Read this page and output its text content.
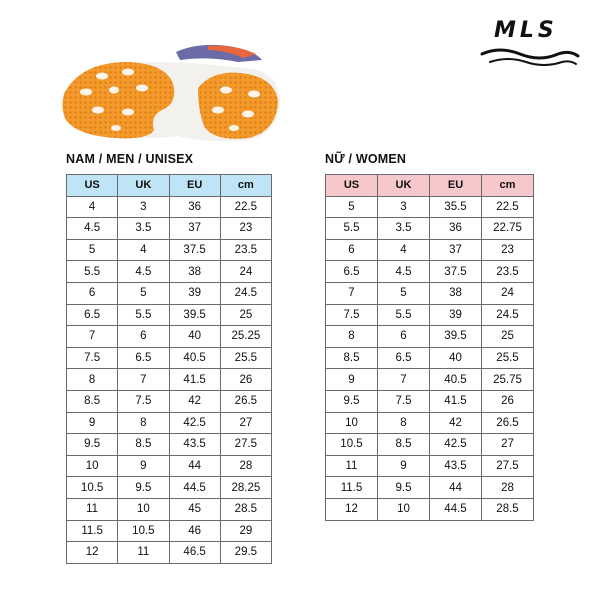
MLS
NAM / MEN / UNISEX
US	UK	EU	cm
4	3	36	22.5
4.5	3.5	37	23
5	4	37.5	23.5
5.5	4.5	38	24
6	5	39	24.5
6.5	5.5	39.5	25
7	6	40	25.25
7.5	6.5	40.5	25.5
8	7	41.5	26
8.5	7.5	42	26.5
9	8	42.5	27
9.5	8.5	43.5	27.5
10	9	44	28
10.5	9.5	44.5	28.25
11	10	45	28.5
11.5	10.5	46	29
12	11	46.5	29.5
NỮ / WOMEN
US	UK	EU	cm
5	3	35.5	22.5
5.5	3.5	36	22.75
6	4	37	23
6.5	4.5	37.5	23.5
7	5	38	24
7.5	5.5	39	24.5
8	6	39.5	25
8.5	6.5	40	25.5
9	7	40.5	25.75
9.5	7.5	41.5	26
10	8	42	26.5
10.5	8.5	42.5	27
11	9	43.5	27.5
11.5	9.5	44	28
12	10	44.5	28.5
